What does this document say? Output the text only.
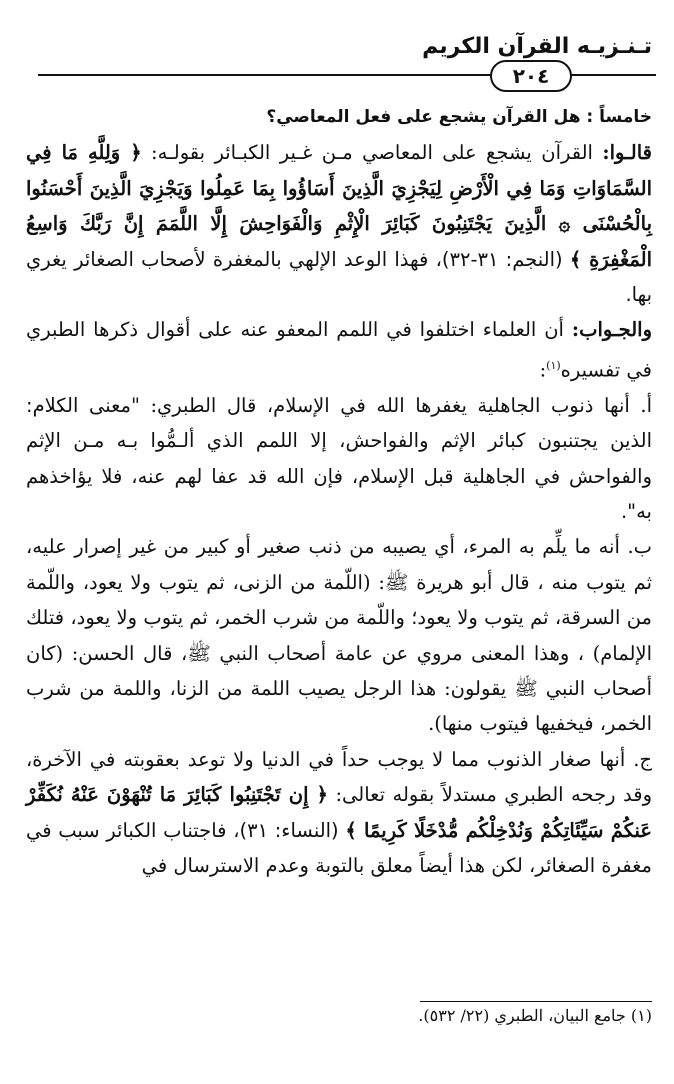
تـنـزيـه القرآن الكريم
٢٠٤

خامساً : هل القرآن يشجع على فعل المعاصي؟

قالـوا: القرآن يشجع على المعاصي مـن غـير الكبـائر بقولـه: ﴿ وَلِلَّهِ مَا فِي السَّمَاوَاتِ وَمَا فِي الْأَرْضِ لِيَجْزِيَ الَّذِينَ أَسَاؤُوا بِمَا عَمِلُوا وَيَجْزِيَ الَّذِينَ أَحْسَنُوا بِالْحُسْنَى ۞ الَّذِينَ يَجْتَنِبُونَ كَبَائِرَ الْإِثْمِ وَالْفَوَاحِشَ إِلَّا اللَّمَمَ إِنَّ رَبَّكَ وَاسِعُ الْمَغْفِرَةِ ﴾ (النجم: ٣١-٣٢)، فهذا الوعد الإلهي بالمغفرة لأصحاب الصغائر يغري بها.

والجـواب: أن العلماء اختلفوا في اللمم المعفو عنه على أقوال ذكرها الطبري في تفسيره$^{(١)}$:

أ. أنها ذنوب الجاهلية يغفرها الله في الإسلام، قال الطبري: "معنى الكلام: الذين يجتنبون كبائر الإثم والفواحش، إلا اللمم الذي ألـمُّوا بـه مـن الإثم والفواحش في الجاهلية قبل الإسلام، فإن الله قد عفا لهم عنه، فلا يؤاخذهم به".

ب. أنه ما يلِّم به المرء، أي يصيبه من ذنب صغير أو كبير من غير إصرار عليه، ثم يتوب منه ، قال أبو هريرة ﷺ: (اللّمة من الزنى، ثم يتوب ولا يعود، واللّمة من السرقة، ثم يتوب ولا يعود؛ واللّمة من شرب الخمر، ثم يتوب ولا يعود، فتلك الإلمام) ، وهذا المعنى مروي عن عامة أصحاب النبي ﷺ، قال الحسن: (كان أصحاب النبي ﷺ يقولون: هذا الرجل يصيب اللمة من الزنا، واللمة من شرب الخمر، فيخفيها فيتوب منها).

ج. أنها صغار الذنوب مما لا يوجب حداً في الدنيا ولا توعد بعقوبته في الآخرة، وقد رجحه الطبري مستدلاً بقوله تعالى: ﴿ إِن تَجْتَنِبُوا كَبَائِرَ مَا تُنْهَوْنَ عَنْهُ نُكَفِّرْ عَنكُمْ سَيِّئَاتِكُمْ وَنُدْخِلْكُم مُّدْخَلًا كَرِيمًا ﴾ (النساء: ٣١)، فاجتناب الكبائر سبب في مغفرة الصغائر، لكن هذا أيضاً معلق بالتوبة وعدم الاسترسال في

(١) جامع البيان، الطبري (٢٢/ ٥٣٢).
